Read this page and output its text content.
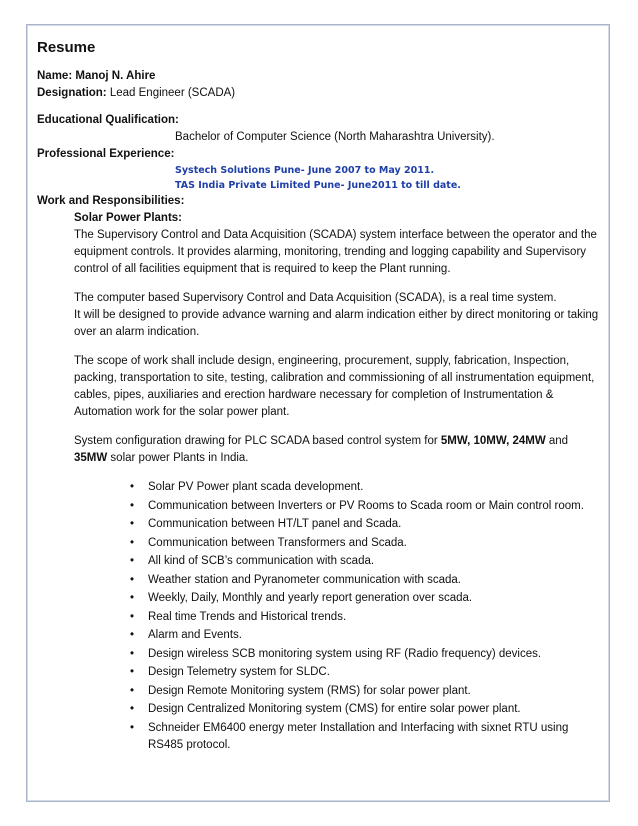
Resume

Name: Manoj N. Ahire

Designation: Lead Engineer (SCADA)

Educational Qualification:

Bachelor of Computer Science (North Maharashtra University).

Professional Experience:

Systech Solutions Pune- June 2007 to May 2011.

TAS India Private Limited Pune- June2011 to till date.

Work and Responsibilities:

Solar Power Plants:

The Supervisory Control and Data Acquisition (SCADA) system interface between the operator and the equipment controls. It provides alarming, monitoring, trending and logging capability and Supervisory control of all facilities equipment that is required to keep the Plant running.

The computer based Supervisory Control and Data Acquisition (SCADA), is a real time system.

It will be designed to provide advance warning and alarm indication either by direct monitoring or taking over an alarm indication.

The scope of work shall include design, engineering, procurement, supply, fabrication, Inspection, packing, transportation to site, testing, calibration and commissioning of all instrumentation equipment, cables, pipes, auxiliaries and erection hardware necessary for completion of Instrumentation & Automation work for the solar power plant.

System configuration drawing for PLC SCADA based control system for 5MW, 10MW, 24MW and 35MW solar power Plants in India.

• Solar PV Power plant scada development.
• Communication between Inverters or PV Rooms to Scada room or Main control room.
• Communication between HT/LT panel and Scada.
• Communication between Transformers and Scada.
• All kind of SCB’s communication with scada.
• Weather station and Pyranometer communication with scada.
• Weekly, Daily, Monthly and yearly report generation over scada.
• Real time Trends and Historical trends.
• Alarm and Events.
• Design wireless SCB monitoring system using RF (Radio frequency) devices.
• Design Telemetry system for SLDC.
• Design Remote Monitoring system (RMS) for solar power plant.
• Design Centralized Monitoring system (CMS) for entire solar power plant.
• Schneider EM6400 energy meter Installation and Interfacing with sixnet RTU using RS485 protocol.
